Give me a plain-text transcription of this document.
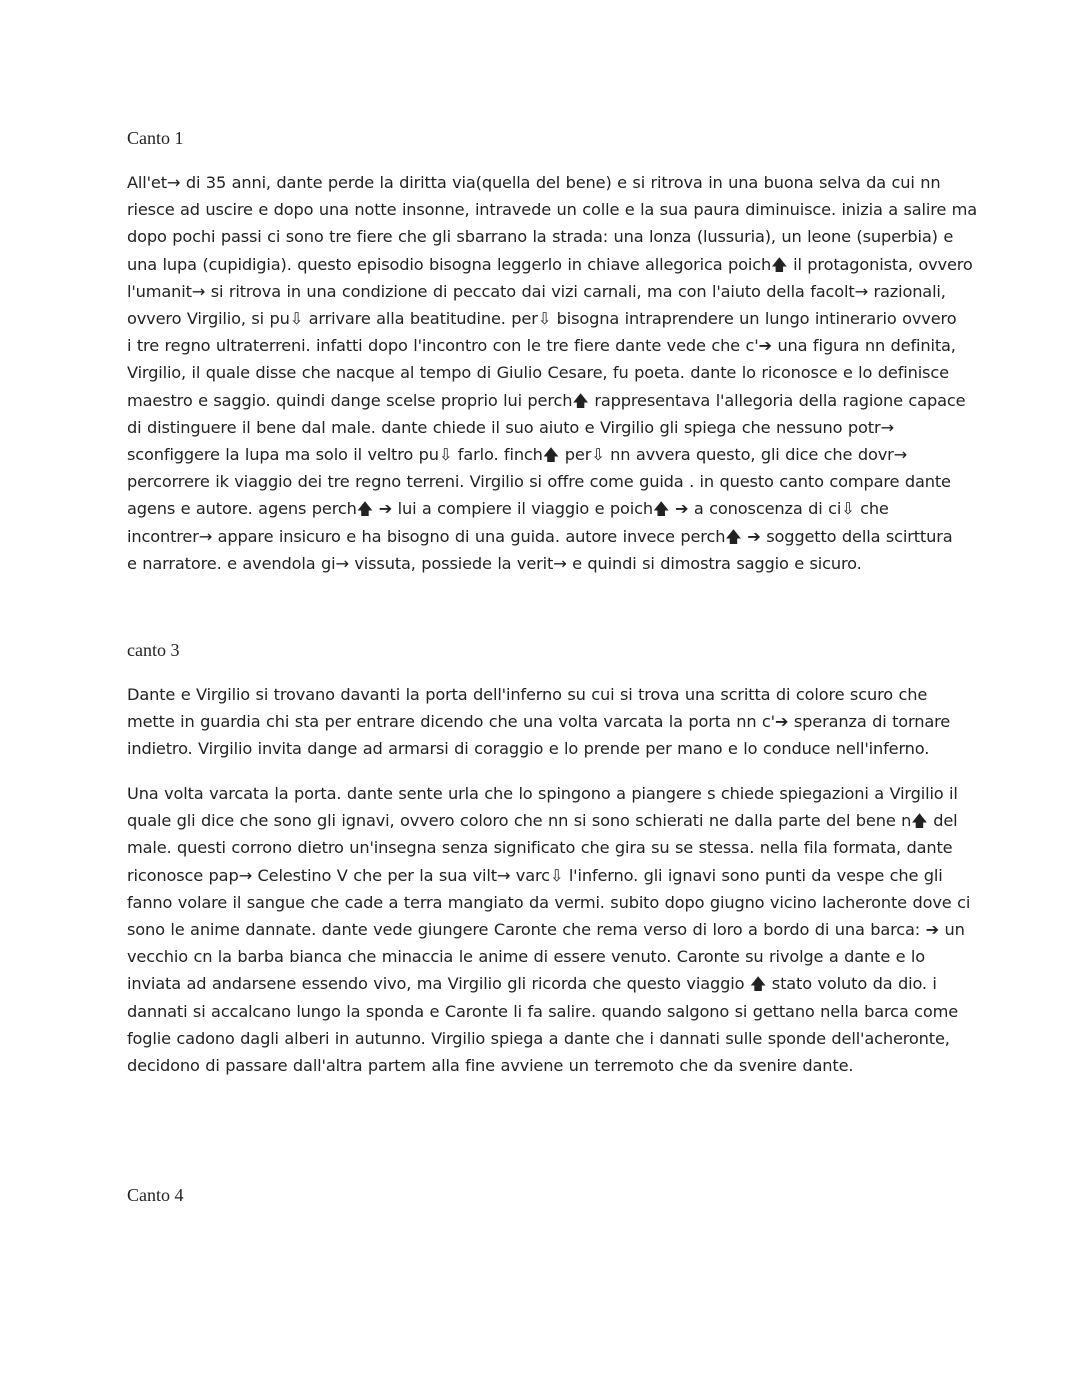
Canto 1
All'et→ di 35 anni, dante perde la diritta via(quella del bene) e si ritrova in una buona selva da cui nn
riesce ad uscire e dopo una notte insonne, intravede un colle e la sua paura diminuisce. inizia a salire ma
dopo pochi passi ci sono tre fiere che gli sbarrano la strada: una lonza (lussuria), un leone (superbia) e
una lupa (cupidigia). questo episodio bisogna leggerlo in chiave allegorica poich🡅 il protagonista, ovvero
l'umanit→ si ritrova in una condizione di peccato dai vizi carnali, ma con l'aiuto della facolt→ razionali,
ovvero Virgilio, si pu⇩ arrivare alla beatitudine. per⇩ bisogna intraprendere un lungo intinerario ovvero
i tre regno ultraterreni. infatti dopo l'incontro con le tre fiere dante vede che c'➔ una figura nn definita,
Virgilio, il quale disse che nacque al tempo di Giulio Cesare, fu poeta. dante lo riconosce e lo definisce
maestro e saggio. quindi dange scelse proprio lui perch🡅 rappresentava l'allegoria della ragione capace
di distinguere il bene dal male. dante chiede il suo aiuto e Virgilio gli spiega che nessuno potr→
sconfiggere la lupa ma solo il veltro pu⇩ farlo. finch🡅 per⇩ nn avvera questo, gli dice che dovr→
percorrere ik viaggio dei tre regno terreni. Virgilio si offre come guida . in questo canto compare dante
agens e autore. agens perch🡅 ➔ lui a compiere il viaggio e poich🡅 ➔ a conoscenza di ci⇩ che
incontrer→ appare insicuro e ha bisogno di una guida. autore invece perch🡅 ➔ soggetto della scirttura
e narratore. e avendola gi→ vissuta, possiede la verit→ e quindi si dimostra saggio e sicuro.
canto 3
Dante e Virgilio si trovano davanti la porta dell'inferno su cui si trova una scritta di colore scuro che
mette in guardia chi sta per entrare dicendo che una volta varcata la porta nn c'➔ speranza di tornare
indietro. Virgilio invita dange ad armarsi di coraggio e lo prende per mano e lo conduce nell'inferno.
Una volta varcata la porta. dante sente urla che lo spingono a piangere s chiede spiegazioni a Virgilio il
quale gli dice che sono gli ignavi, ovvero coloro che nn si sono schierati ne dalla parte del bene n🡅 del
male. questi corrono dietro un'insegna senza significato che gira su se stessa. nella fila formata, dante
riconosce pap→ Celestino V che per la sua vilt→ varc⇩ l'inferno. gli ignavi sono punti da vespe che gli
fanno volare il sangue che cade a terra mangiato da vermi. subito dopo giugno vicino lacheronte dove ci
sono le anime dannate. dante vede giungere Caronte che rema verso di loro a bordo di una barca: ➔ un
vecchio cn la barba bianca che minaccia le anime di essere venuto. Caronte su rivolge a dante e lo
inviata ad andarsene essendo vivo, ma Virgilio gli ricorda che questo viaggio 🡅 stato voluto da dio. i
dannati si accalcano lungo la sponda e Caronte li fa salire. quando salgono si gettano nella barca come
foglie cadono dagli alberi in autunno. Virgilio spiega a dante che i dannati sulle sponde dell'acheronte,
decidono di passare dall'altra partem alla fine avviene un terremoto che da svenire dante.
Canto 4
